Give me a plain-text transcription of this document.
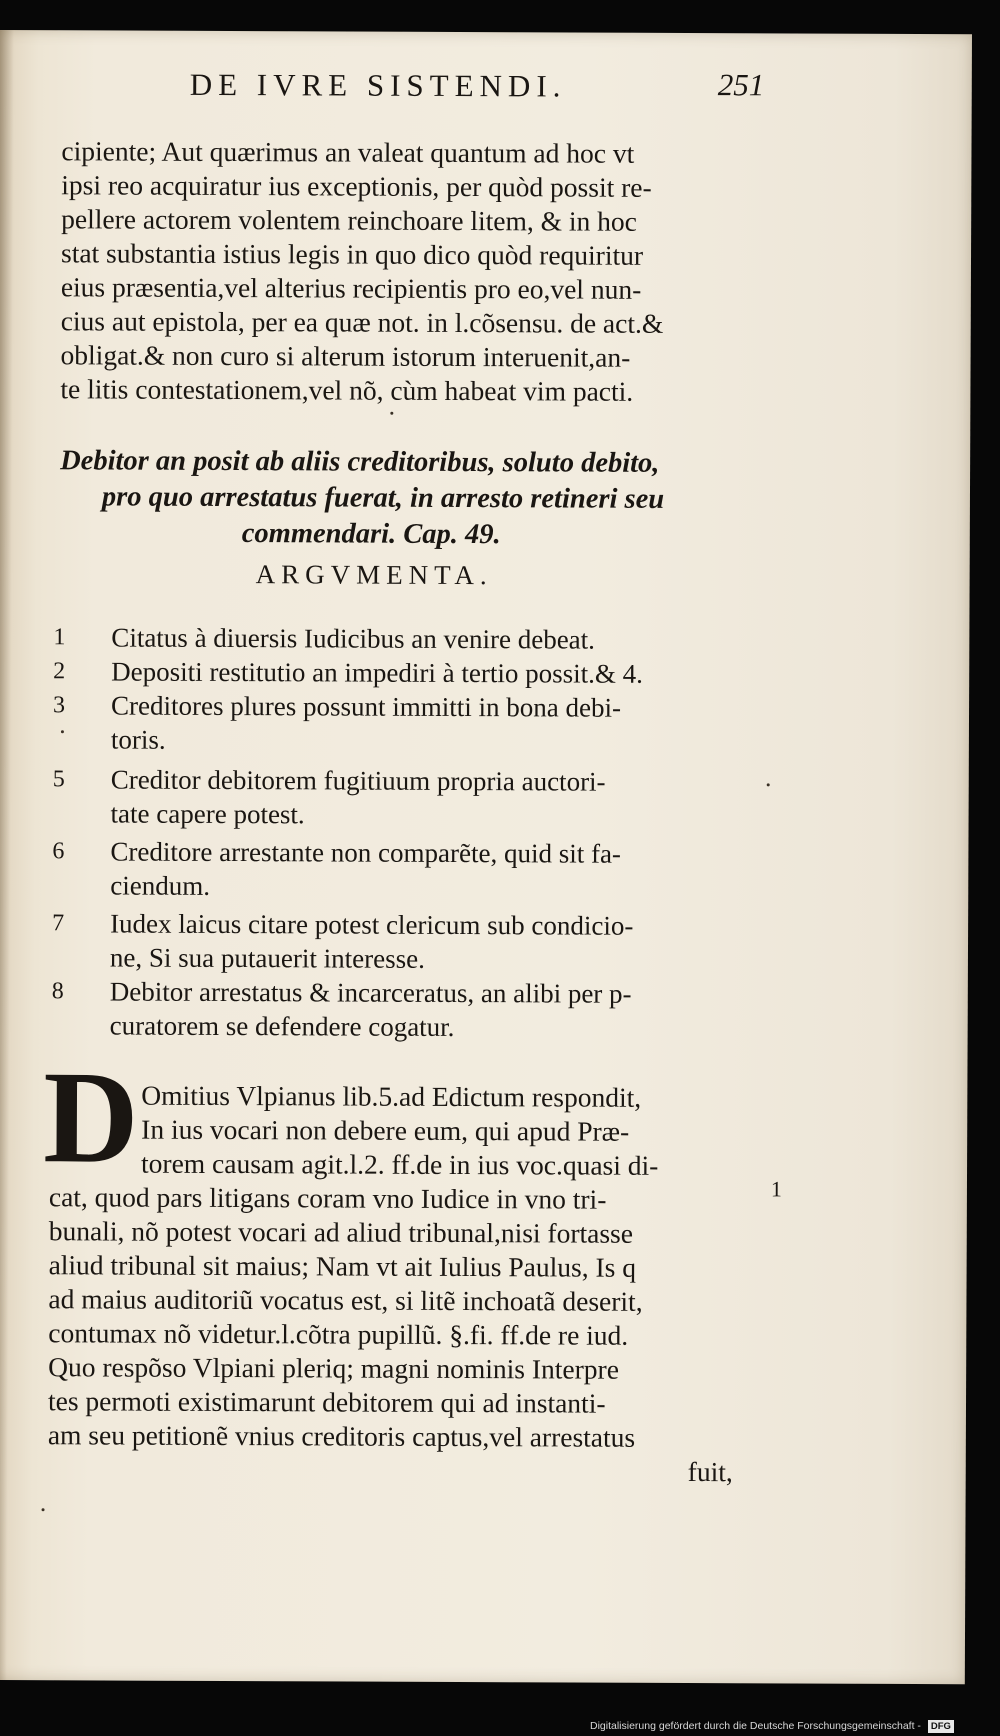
DE IVRE SISTENDI.	251
cipiente; Aut quærimus an valeat quantum ad hoc vt
ipsi reo acquiratur ius exceptionis, per quòd possit re-
pellere actorem volentem reinchoare litem, & in hoc
stat substantia istius legis in quo dico quòd requiritur
eius præsentia,vel alterius recipientis pro eo,vel nun-
cius aut epistola, per ea quæ not. in l.cõsensu. de act.&
obligat.& non curo si alterum istorum interuenit,an-
te litis contestationem,vel nõ, cùm habeat vim pacti.
Debitor an posit ab aliis creditoribus, soluto debito,
pro quo arrestatus fuerat, in arresto retineri seu
commendari. Cap. 49.
ARGVMENTA.
1 Citatus à diuersis Iudicibus an venire debeat.
2 Depositi restitutio an impediri à tertio possit.& 4.
3 Creditores plures possunt immitti in bona debi-
toris.
5 Creditor debitorem fugitiuum propria auctori-
tate capere potest.
6 Creditore arrestante non comparẽte, quid sit fa-
ciendum.
7 Iudex laicus citare potest clericum sub condicio-
ne, Si sua putauerit interesse.
8 Debitor arrestatus & incarceratus, an alibi per p-
curatorem se defendere cogatur.
D Omitius Vlpianus lib.5.ad Edictum respondit,
In ius vocari non debere eum, qui apud Præ-
torem causam agit.l.2. ff.de in ius voc.quasi di-
cat, quod pars litigans coram vno Iudice in vno tri-
bunali, nõ potest vocari ad aliud tribunal,nisi fortasse
aliud tribunal sit maius; Nam vt ait Iulius Paulus, Is q
ad maius auditoriũ vocatus est, si litẽ inchoatã deserit,
contumax nõ videtur.l.cõtra pupillũ. §.fi. ff.de re iud.
Quo respõso Vlpiani pleriq; magni nominis Interpre
tes permoti existimarunt debitorem qui ad instanti-
am seu petitionẽ vnius creditoris captus,vel arrestatus
fuit,
1
Digitalisierung gefördert durch die Deutsche Forschungsgemeinschaft - DFG
